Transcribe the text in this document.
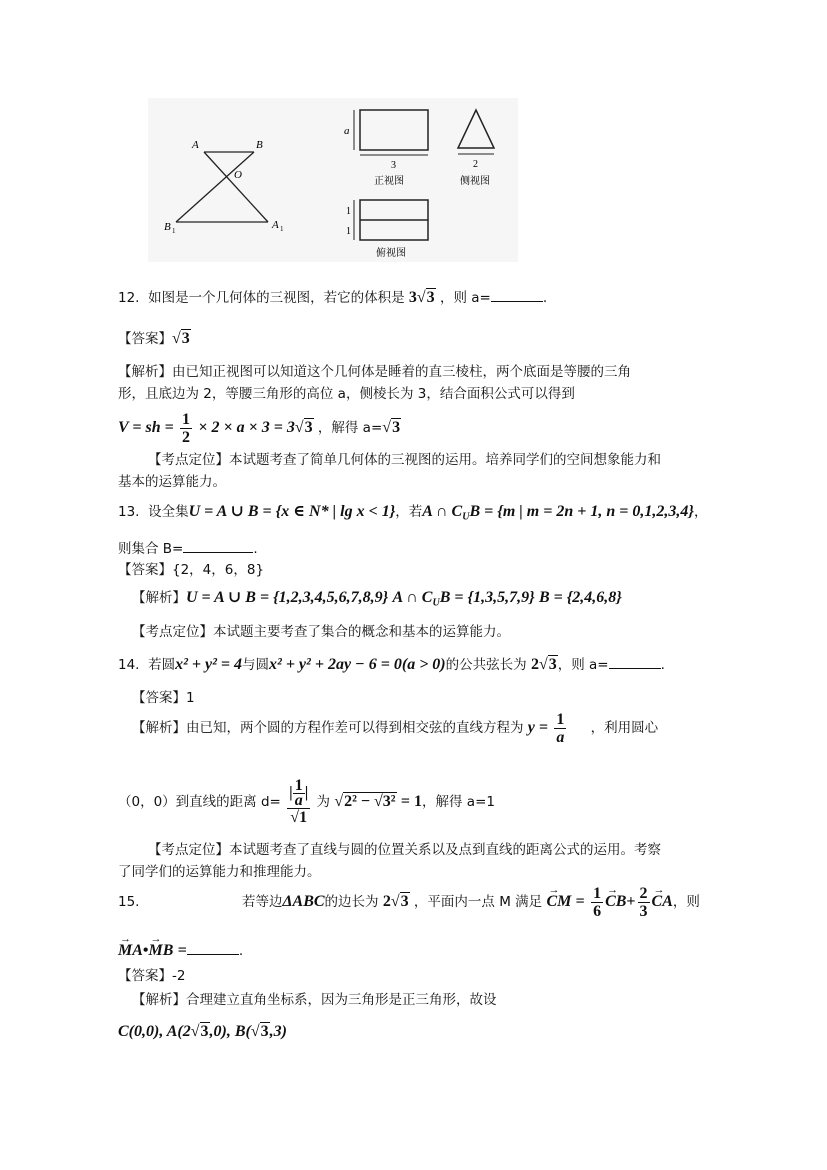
A	B
O
B 1	A 1
a
3
正视图
2
侧视图
1
1
俯视图
12. 如图是一个几何体的三视图，若它的体积是 3√3 ，则 a=	.
【答案】√3
【解析】由已知正视图可以知道这个几何体是睡着的直三棱柱，两个底面是等腰的三角
形，且底边为 2，等腰三角形的高位 a，侧棱长为 3，结合面积公式可以得到
V = sh = $\frac{1}{2} \times 2 \times a \times 3 = 3√3$ ，解得 a=√3
【考点定位】本试题考查了简单几何体的三视图的运用。培养同学们的空间想象能力和
基本的运算能力。
13. 设全集U = A ∪ B = {x ∈ N* | lg x < 1}，若A ∩ $C_UB = \{m$ | m = 2n + 1, n = 0,1,2,3,4}，
则集合 B=	.
【答案】{2，4，6，8}
【解析】U = A ∪ B = {1,2,3,4,5,6,7,8,9} A ∩ $C_UB = \{1,3,5,7,9\} B = \{2,4,6,8\}$
【考点定位】本试题主要考查了集合的概念和基本的运算能力。
14. 若圆x² + y² = 4与圆x² + y² + 2ay − 6 = 0(a > 0)的公共弦长为 2√3，则 a=	.
【答案】1
【解析】由已知，两个圆的方程作差可以得到相交弦的直线方程为 $y = \frac{1}{a}$ ，利用圆心
（0，0）到直线的距离 $d= \frac{| \frac{1}{a} |}{√1}$ 为 √2² − √3² = 1，解得 a=1
【考点定位】本试题考查了直线与圆的位置关系以及点到直线的距离公式的运用。考察
了同学们的运算能力和推理能力。
15.	若等边ΔABC的边长为 2√3 ，平面内一点 M 满足 → CM = $\frac{1}{6} \to CB+ \frac{2}{3}$ → CA，则
→ MA•→ MB =	.
【答案】-2
【解析】合理建立直角坐标系，因为三角形是正三角形，故设
C(0,0), A(2√3,0), B(√3,3)
